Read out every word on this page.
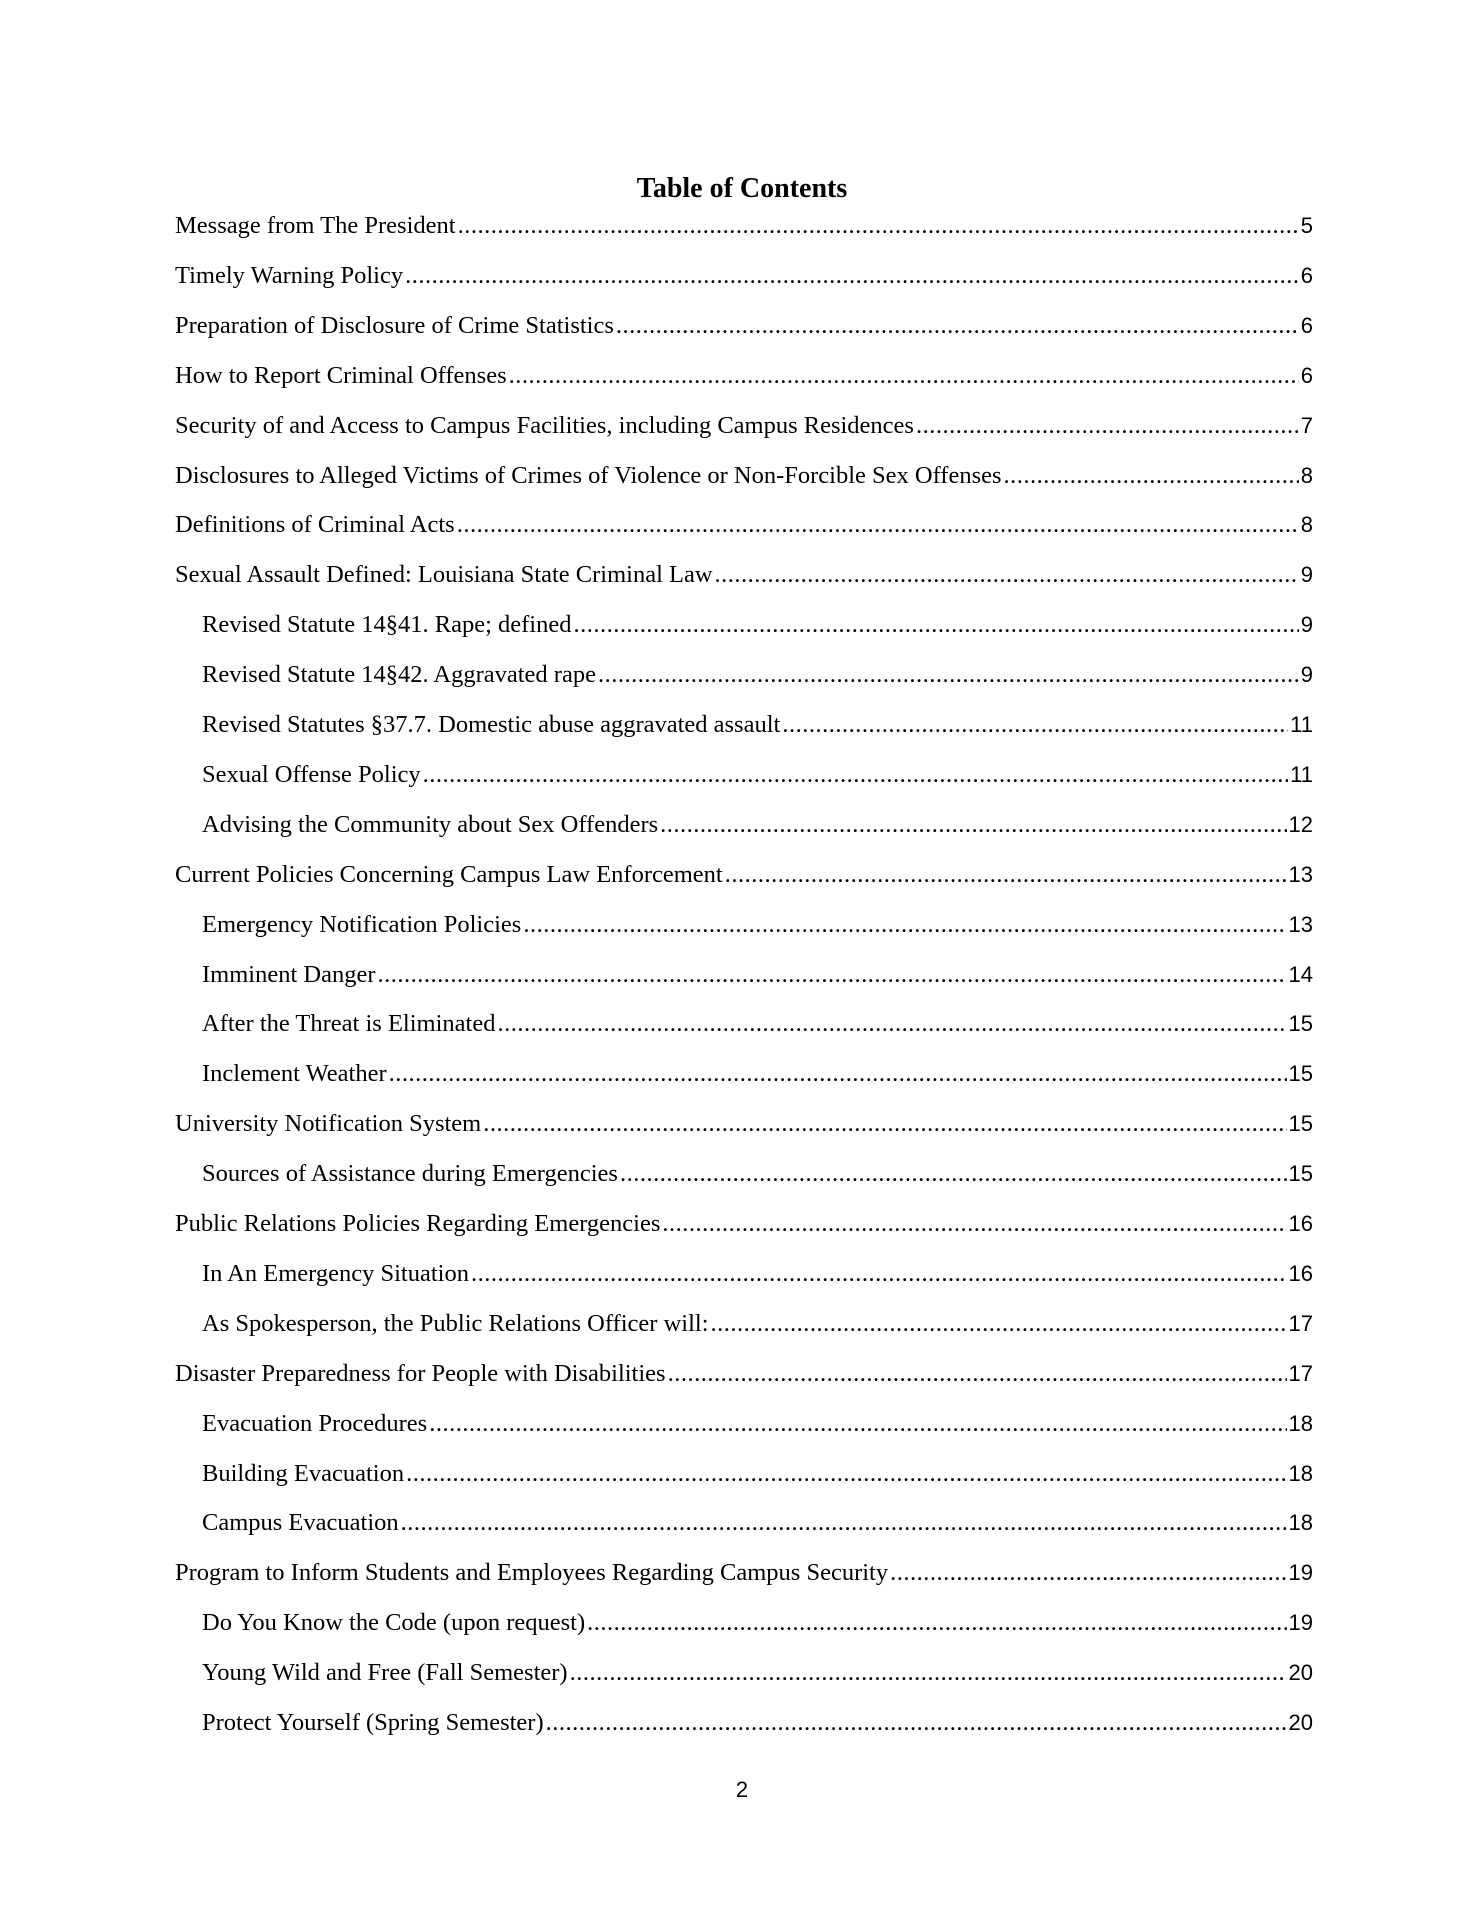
Table of Contents
Message from The President .....	5
Timely Warning Policy .....	6
Preparation of Disclosure of Crime Statistics .....	6
How to Report Criminal Offenses .....	6
Security of and Access to Campus Facilities, including Campus Residences .....	7
Disclosures to Alleged Victims of Crimes of Violence or Non-Forcible Sex Offenses .....	8
Definitions of Criminal Acts .....	8
Sexual Assault Defined: Louisiana State Criminal Law .....	9
Revised Statute 14§41. Rape; defined .....	9
Revised Statute 14§42. Aggravated rape .....	9
Revised Statutes §37.7. Domestic abuse aggravated assault .....	11
Sexual Offense Policy .....	11
Advising the Community about Sex Offenders .....	12
Current Policies Concerning Campus Law Enforcement .....	13
Emergency Notification Policies .....	13
Imminent Danger .....	14
After the Threat is Eliminated .....	15
Inclement Weather .....	15
University Notification System .....	15
Sources of Assistance during Emergencies .....	15
Public Relations Policies Regarding Emergencies .....	16
In An Emergency Situation .....	16
As Spokesperson, the Public Relations Officer will: .....	17
Disaster Preparedness for People with Disabilities .....	17
Evacuation Procedures .....	18
Building Evacuation .....	18
Campus Evacuation .....	18
Program to Inform Students and Employees Regarding Campus Security .....	19
Do You Know the Code (upon request) .....	19
Young Wild and Free (Fall Semester) .....	20
Protect Yourself (Spring Semester) .....	20
2
